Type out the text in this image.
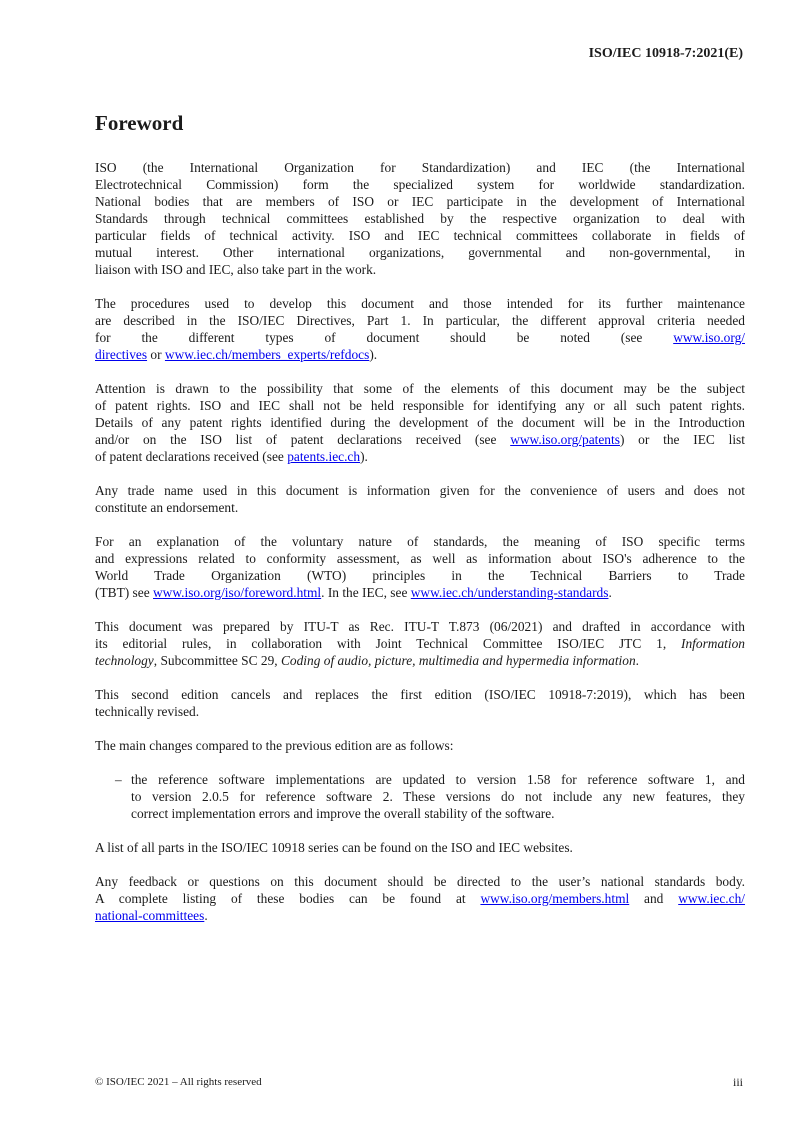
ISO/IEC 10918-7:2021(E)
Foreword
ISO (the International Organization for Standardization) and IEC (the International
Electrotechnical Commission) form the specialized system for worldwide standardization.
National bodies that are members of ISO or IEC participate in the development of International
Standards through technical committees established by the respective organization to deal with
particular fields of technical activity. ISO and IEC technical committees collaborate in fields of
mutual interest. Other international organizations, governmental and non-governmental, in
liaison with ISO and IEC, also take part in the work.
The procedures used to develop this document and those intended for its further maintenance
are described in the ISO/IEC Directives, Part 1. In particular, the different approval criteria needed
for the different types of document should be noted (see www.iso.org/
directives or www.iec.ch/members_experts/refdocs).
Attention is drawn to the possibility that some of the elements of this document may be the subject
of patent rights. ISO and IEC shall not be held responsible for identifying any or all such patent rights.
Details of any patent rights identified during the development of the document will be in the Introduction
and/or on the ISO list of patent declarations received (see www.iso.org/patents) or the IEC list
of patent declarations received (see patents.iec.ch).
Any trade name used in this document is information given for the convenience of users and does not
constitute an endorsement.
For an explanation of the voluntary nature of standards, the meaning of ISO specific terms
and expressions related to conformity assessment, as well as information about ISO's adherence to the
World Trade Organization (WTO) principles in the Technical Barriers to Trade
(TBT) see www.iso.org/iso/foreword.html. In the IEC, see www.iec.ch/understanding-standards.
This document was prepared by ITU-T as Rec. ITU-T T.873 (06/2021) and drafted in accordance with
its editorial rules, in collaboration with Joint Technical Committee ISO/IEC JTC 1, Information
technology, Subcommittee SC 29, Coding of audio, picture, multimedia and hypermedia information.
This second edition cancels and replaces the first edition (ISO/IEC 10918-7:2019), which has been
technically revised.
The main changes compared to the previous edition are as follows:
– the reference software implementations are updated to version 1.58 for reference software 1, and
to version 2.0.5 for reference software 2. These versions do not include any new features, they
correct implementation errors and improve the overall stability of the software.
A list of all parts in the ISO/IEC 10918 series can be found on the ISO and IEC websites.
Any feedback or questions on this document should be directed to the user’s national standards body.
A complete listing of these bodies can be found at www.iso.org/members.html and www.iec.ch/
national-committees.
© ISO/IEC 2021 – All rights reserved	iii
